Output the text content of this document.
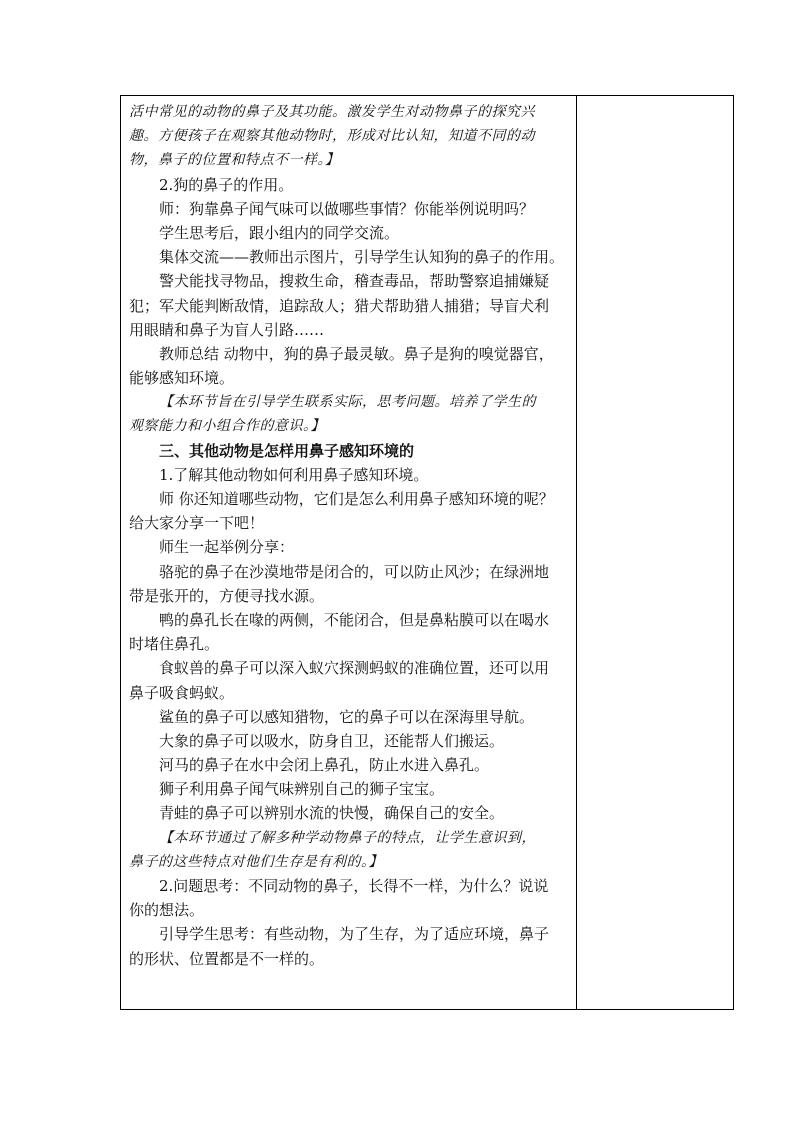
活中常见的动物的鼻子及其功能。激发学生对动物鼻子的探究兴
趣。方便孩子在观察其他动物时，形成对比认知，知道不同的动
物，鼻子的位置和特点不一样。】
2.狗的鼻子的作用。
师：狗靠鼻子闻气味可以做哪些事情？你能举例说明吗？
学生思考后，跟小组内的同学交流。
集体交流——教师出示图片，引导学生认知狗的鼻子的作用。
警犬能找寻物品，搜救生命，稽查毒品，帮助警察追捕嫌疑
犯；军犬能判断敌情，追踪敌人；猎犬帮助猎人捕猎；导盲犬利
用眼睛和鼻子为盲人引路……
教师总结 动物中，狗的鼻子最灵敏。鼻子是狗的嗅觉器官，
能够感知环境。
【本环节旨在引导学生联系实际，思考问题。培养了学生的
观察能力和小组合作的意识。】
三、其他动物是怎样用鼻子感知环境的
1.了解其他动物如何利用鼻子感知环境。
师 你还知道哪些动物，它们是怎么利用鼻子感知环境的呢？
给大家分享一下吧！
师生一起举例分享：
骆驼的鼻子在沙漠地带是闭合的，可以防止风沙；在绿洲地
带是张开的，方便寻找水源。
鸭的鼻孔长在喙的两侧，不能闭合，但是鼻粘膜可以在喝水
时堵住鼻孔。
食蚁兽的鼻子可以深入蚁穴探测蚂蚁的准确位置，还可以用
鼻子吸食蚂蚁。
鲨鱼的鼻子可以感知猎物，它的鼻子可以在深海里导航。
大象的鼻子可以吸水，防身自卫，还能帮人们搬运。
河马的鼻子在水中会闭上鼻孔，防止水进入鼻孔。
狮子利用鼻子闻气味辨别自己的狮子宝宝。
青蛙的鼻子可以辨别水流的快慢，确保自己的安全。
【本环节通过了解多种学动物鼻子的特点，让学生意识到，
鼻子的这些特点对他们生存是有利的。】
2.问题思考：不同动物的鼻子，长得不一样，为什么？说说
你的想法。
引导学生思考：有些动物，为了生存，为了适应环境，鼻子
的形状、位置都是不一样的。
